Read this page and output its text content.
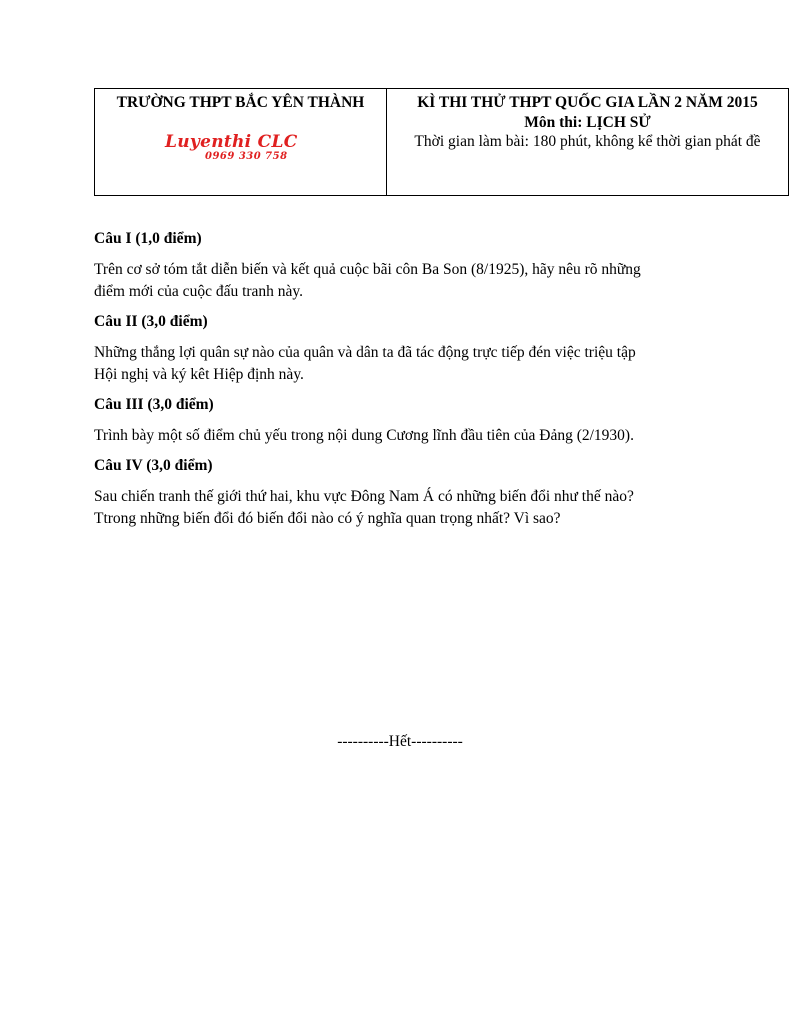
TRƯỜNG THPT BẮC YÊN THÀNH
Luyenthi CLC
0969 330 758
KÌ THI THỬ THPT QUỐC GIA LẦN 2 NĂM 2015
Môn thi: LỊCH SỬ
Thời gian làm bài: 180 phút, không kể thời gian phát đề

Câu I (1,0 điểm)

Trên cơ sở tóm tắt diễn biến và kết quả cuộc bãi côn Ba Son (8/1925), hãy nêu rõ những

điểm mới của cuộc đấu tranh này.

Câu II (3,0 điểm)

Những thắng lợi quân sự nào của quân và dân ta đã tác động trực tiếp đén việc triệu tập

Hội nghị và ký kêt Hiệp định này.

Câu III (3,0 điểm)

Trình bày một số điểm chủ yếu trong nội dung Cương lĩnh đầu tiên của Đảng (2/1930).

Câu IV (3,0 điểm)

Sau chiến tranh thế giới thứ hai, khu vực Đông Nam Á có những biến đổi như thế nào?

Ttrong những biến đổi đó biến đổi nào có ý nghĩa quan trọng nhất? Vì sao?

----------Hết----------
